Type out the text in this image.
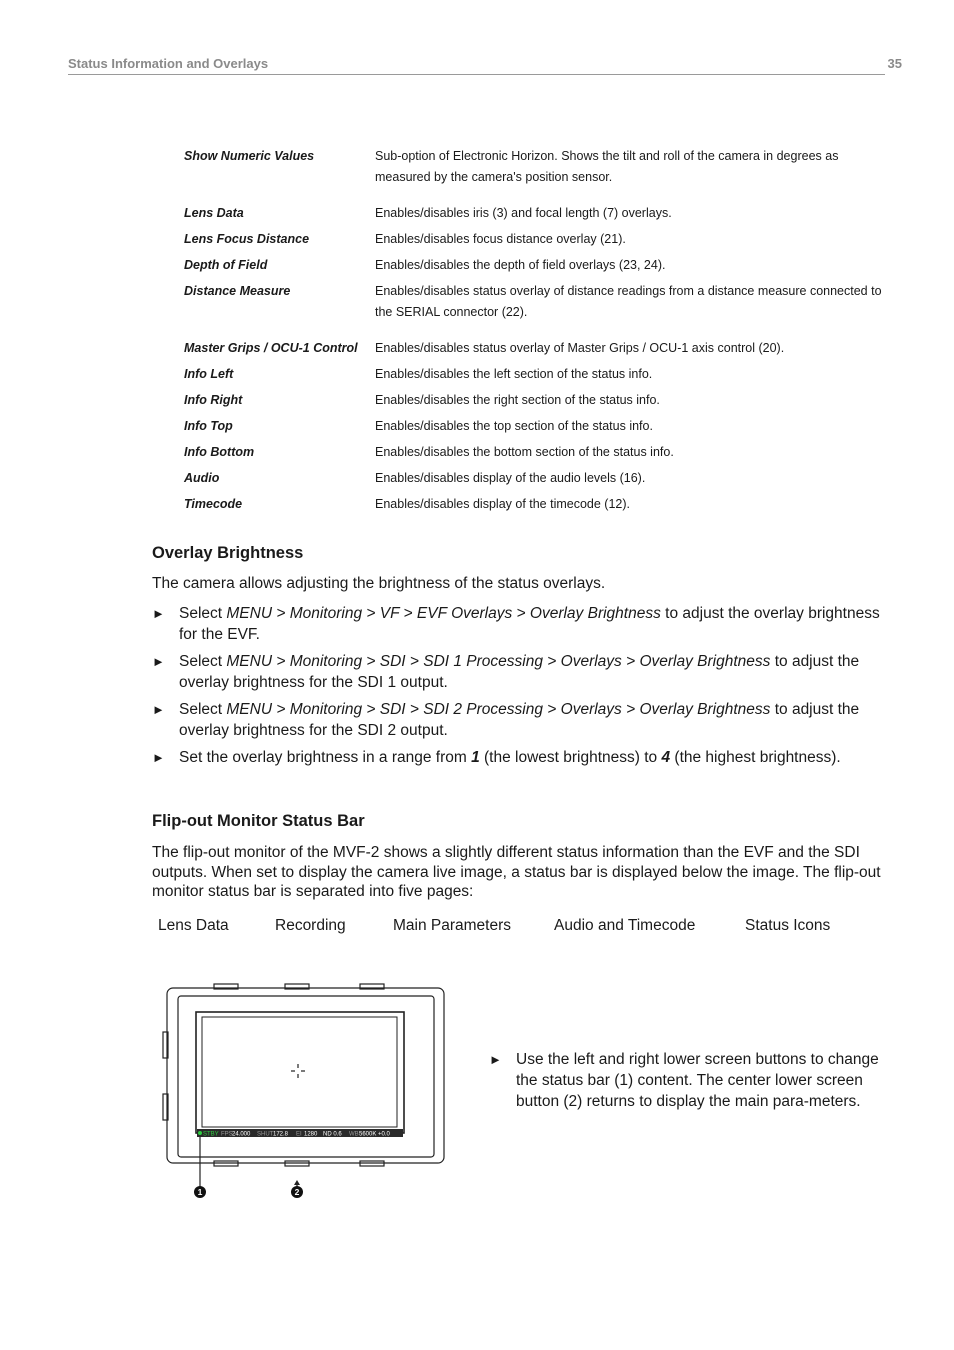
Status Information and Overlays	35
Show Numeric Values	Sub-option of Electronic Horizon. Shows the tilt and roll of the camera in degrees as measured by the camera's position sensor.
Lens Data	Enables/disables iris (3) and focal length (7) overlays.
Lens Focus Distance	Enables/disables focus distance overlay (21).
Depth of Field	Enables/disables the depth of field overlays (23, 24).
Distance Measure	Enables/disables status overlay of distance readings from a distance measure connected to the SERIAL connector (22).
Master Grips / OCU-1 Control	Enables/disables status overlay of Master Grips / OCU-1 axis control (20).
Info Left	Enables/disables the left section of the status info.
Info Right	Enables/disables the right section of the status info.
Info Top	Enables/disables the top section of the status info.
Info Bottom	Enables/disables the bottom section of the status info.
Audio	Enables/disables display of the audio levels (16).
Timecode	Enables/disables display of the timecode (12).
Overlay Brightness
The camera allows adjusting the brightness of the status overlays.
► Select MENU > Monitoring > VF > EVF Overlays > Overlay Brightness to adjust the overlay brightness for the EVF.
► Select MENU > Monitoring > SDI > SDI 1 Processing > Overlays > Overlay Brightness to adjust the overlay brightness for the SDI 1 output.
► Select MENU > Monitoring > SDI > SDI 2 Processing > Overlays > Overlay Brightness to adjust the overlay brightness for the SDI 2 output.
► Set the overlay brightness in a range from 1 (the lowest brightness) to 4 (the highest brightness).
Flip-out Monitor Status Bar
The flip-out monitor of the MVF-2 shows a slightly different status information than the EVF and the SDI outputs. When set to display the camera live image, a status bar is displayed below the image. The flip-out monitor status bar is separated into five pages:
Lens Data	Recording	Main Parameters	Audio and Timecode	Status Icons
STBY FPS 24.000 SHUT 172.8 EI 1280 ND 0.6 WB 5600K +0.0
1	2
► Use the left and right lower screen buttons to change the status bar (1) content. The center lower screen button (2) returns to display the main para-meters.
